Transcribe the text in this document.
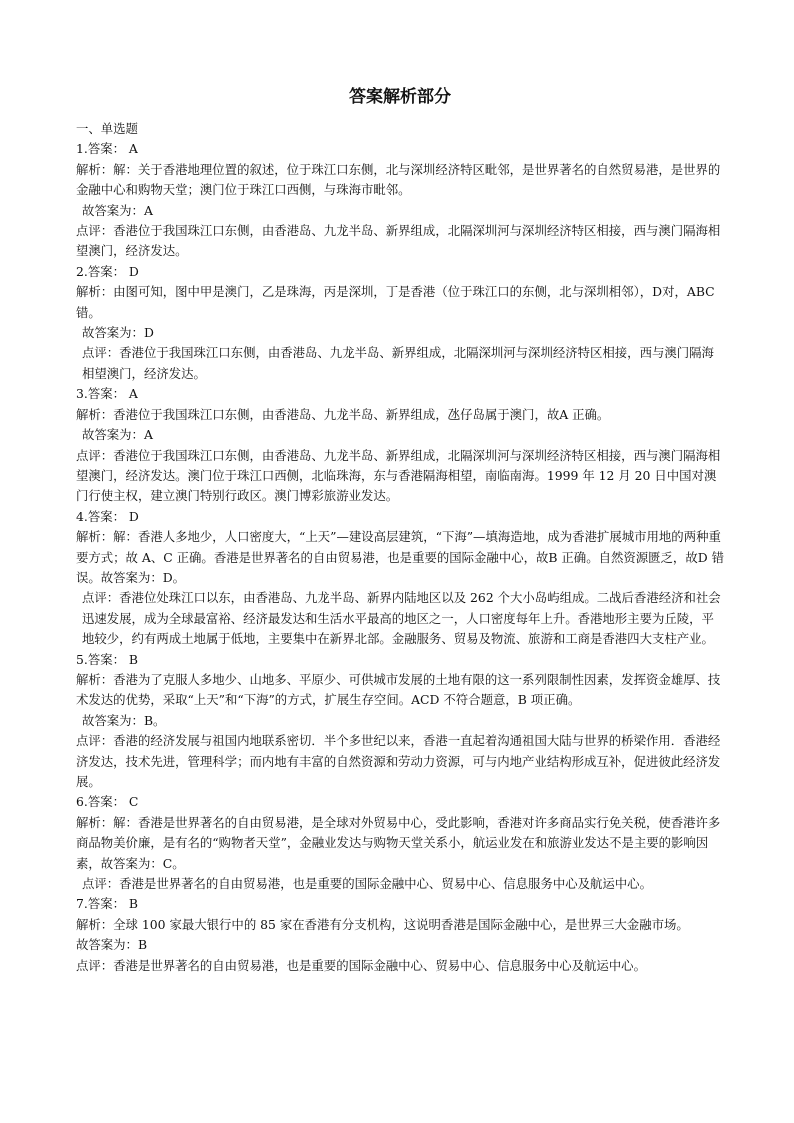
答案解析部分
一、单选题
1.答案： A
解析：解：关于香港地理位置的叙述，位于珠江口东侧，北与深圳经济特区毗邻，是世界著名的自然贸易港，是世界的金融中心和购物天堂；澳门位于珠江口西侧，与珠海市毗邻。
故答案为：A
点评：香港位于我国珠江口东侧，由香港岛、九龙半岛、新界组成，北隔深圳河与深圳经济特区相接，西与澳门隔海相望澳门，经济发达。
2.答案： D
解析：由图可知，图中甲是澳门，乙是珠海，丙是深圳，丁是香港（位于珠江口的东侧，北与深圳相邻），D对，ABC 错。
故答案为：D
点评：香港位于我国珠江口东侧，由香港岛、九龙半岛、新界组成，北隔深圳河与深圳经济特区相接，西与澳门隔海相望澳门，经济发达。
3.答案： A
解析：香港位于我国珠江口东侧，由香港岛、九龙半岛、新界组成，氹仔岛属于澳门，故A 正确。
故答案为：A
点评：香港位于我国珠江口东侧，由香港岛、九龙半岛、新界组成，北隔深圳河与深圳经济特区相接，西与澳门隔海相望澳门，经济发达。澳门位于珠江口西侧，北临珠海，东与香港隔海相望，南临南海。1999 年 12 月 20 日中国对澳门行使主权，建立澳门特别行政区。澳门博彩旅游业发达。
4.答案： D
解析：解：香港人多地少，人口密度大，“上天”—建设高层建筑，“下海”—填海造地，成为香港扩展城市用地的两种重要方式；故 A、C 正确。香港是世界著名的自由贸易港，也是重要的国际金融中心，故B 正确。自然资源匮乏，故D 错误。故答案为：D。
点评：香港位处珠江口以东，由香港岛、九龙半岛、新界内陆地区以及 262 个大小岛屿组成。二战后香港经济和社会迅速发展，成为全球最富裕、经济最发达和生活水平最高的地区之一，人口密度每年上升。香港地形主要为丘陵，平地较少，约有两成土地属于低地，主要集中在新界北部。金融服务、贸易及物流、旅游和工商是香港四大支柱产业。
5.答案： B
解析：香港为了克服人多地少、山地多、平原少、可供城市发展的土地有限的这一系列限制性因素，发挥资金雄厚、技术发达的优势，采取“上天”和“下海”的方式，扩展生存空间。ACD 不符合题意，B 项正确。
故答案为：B。
点评：香港的经济发展与祖国内地联系密切．半个多世纪以来，香港一直起着沟通祖国大陆与世界的桥梁作用．香港经济发达，技术先进，管理科学；而内地有丰富的自然资源和劳动力资源，可与内地产业结构形成互补，促进彼此经济发展。
6.答案： C
解析：解：香港是世界著名的自由贸易港，是全球对外贸易中心，受此影响，香港对许多商品实行免关税，使香港许多商品物美价廉，是有名的“购物者天堂”，金融业发达与购物天堂关系小，航运业发在和旅游业发达不是主要的影响因素，故答案为：C。
点评：香港是世界著名的自由贸易港，也是重要的国际金融中心、贸易中心、信息服务中心及航运中心。
7.答案： B
解析：全球 100 家最大银行中的 85 家在香港有分支机构，这说明香港是国际金融中心，是世界三大金融市场。
故答案为：B
点评：香港是世界著名的自由贸易港，也是重要的国际金融中心、贸易中心、信息服务中心及航运中心。
